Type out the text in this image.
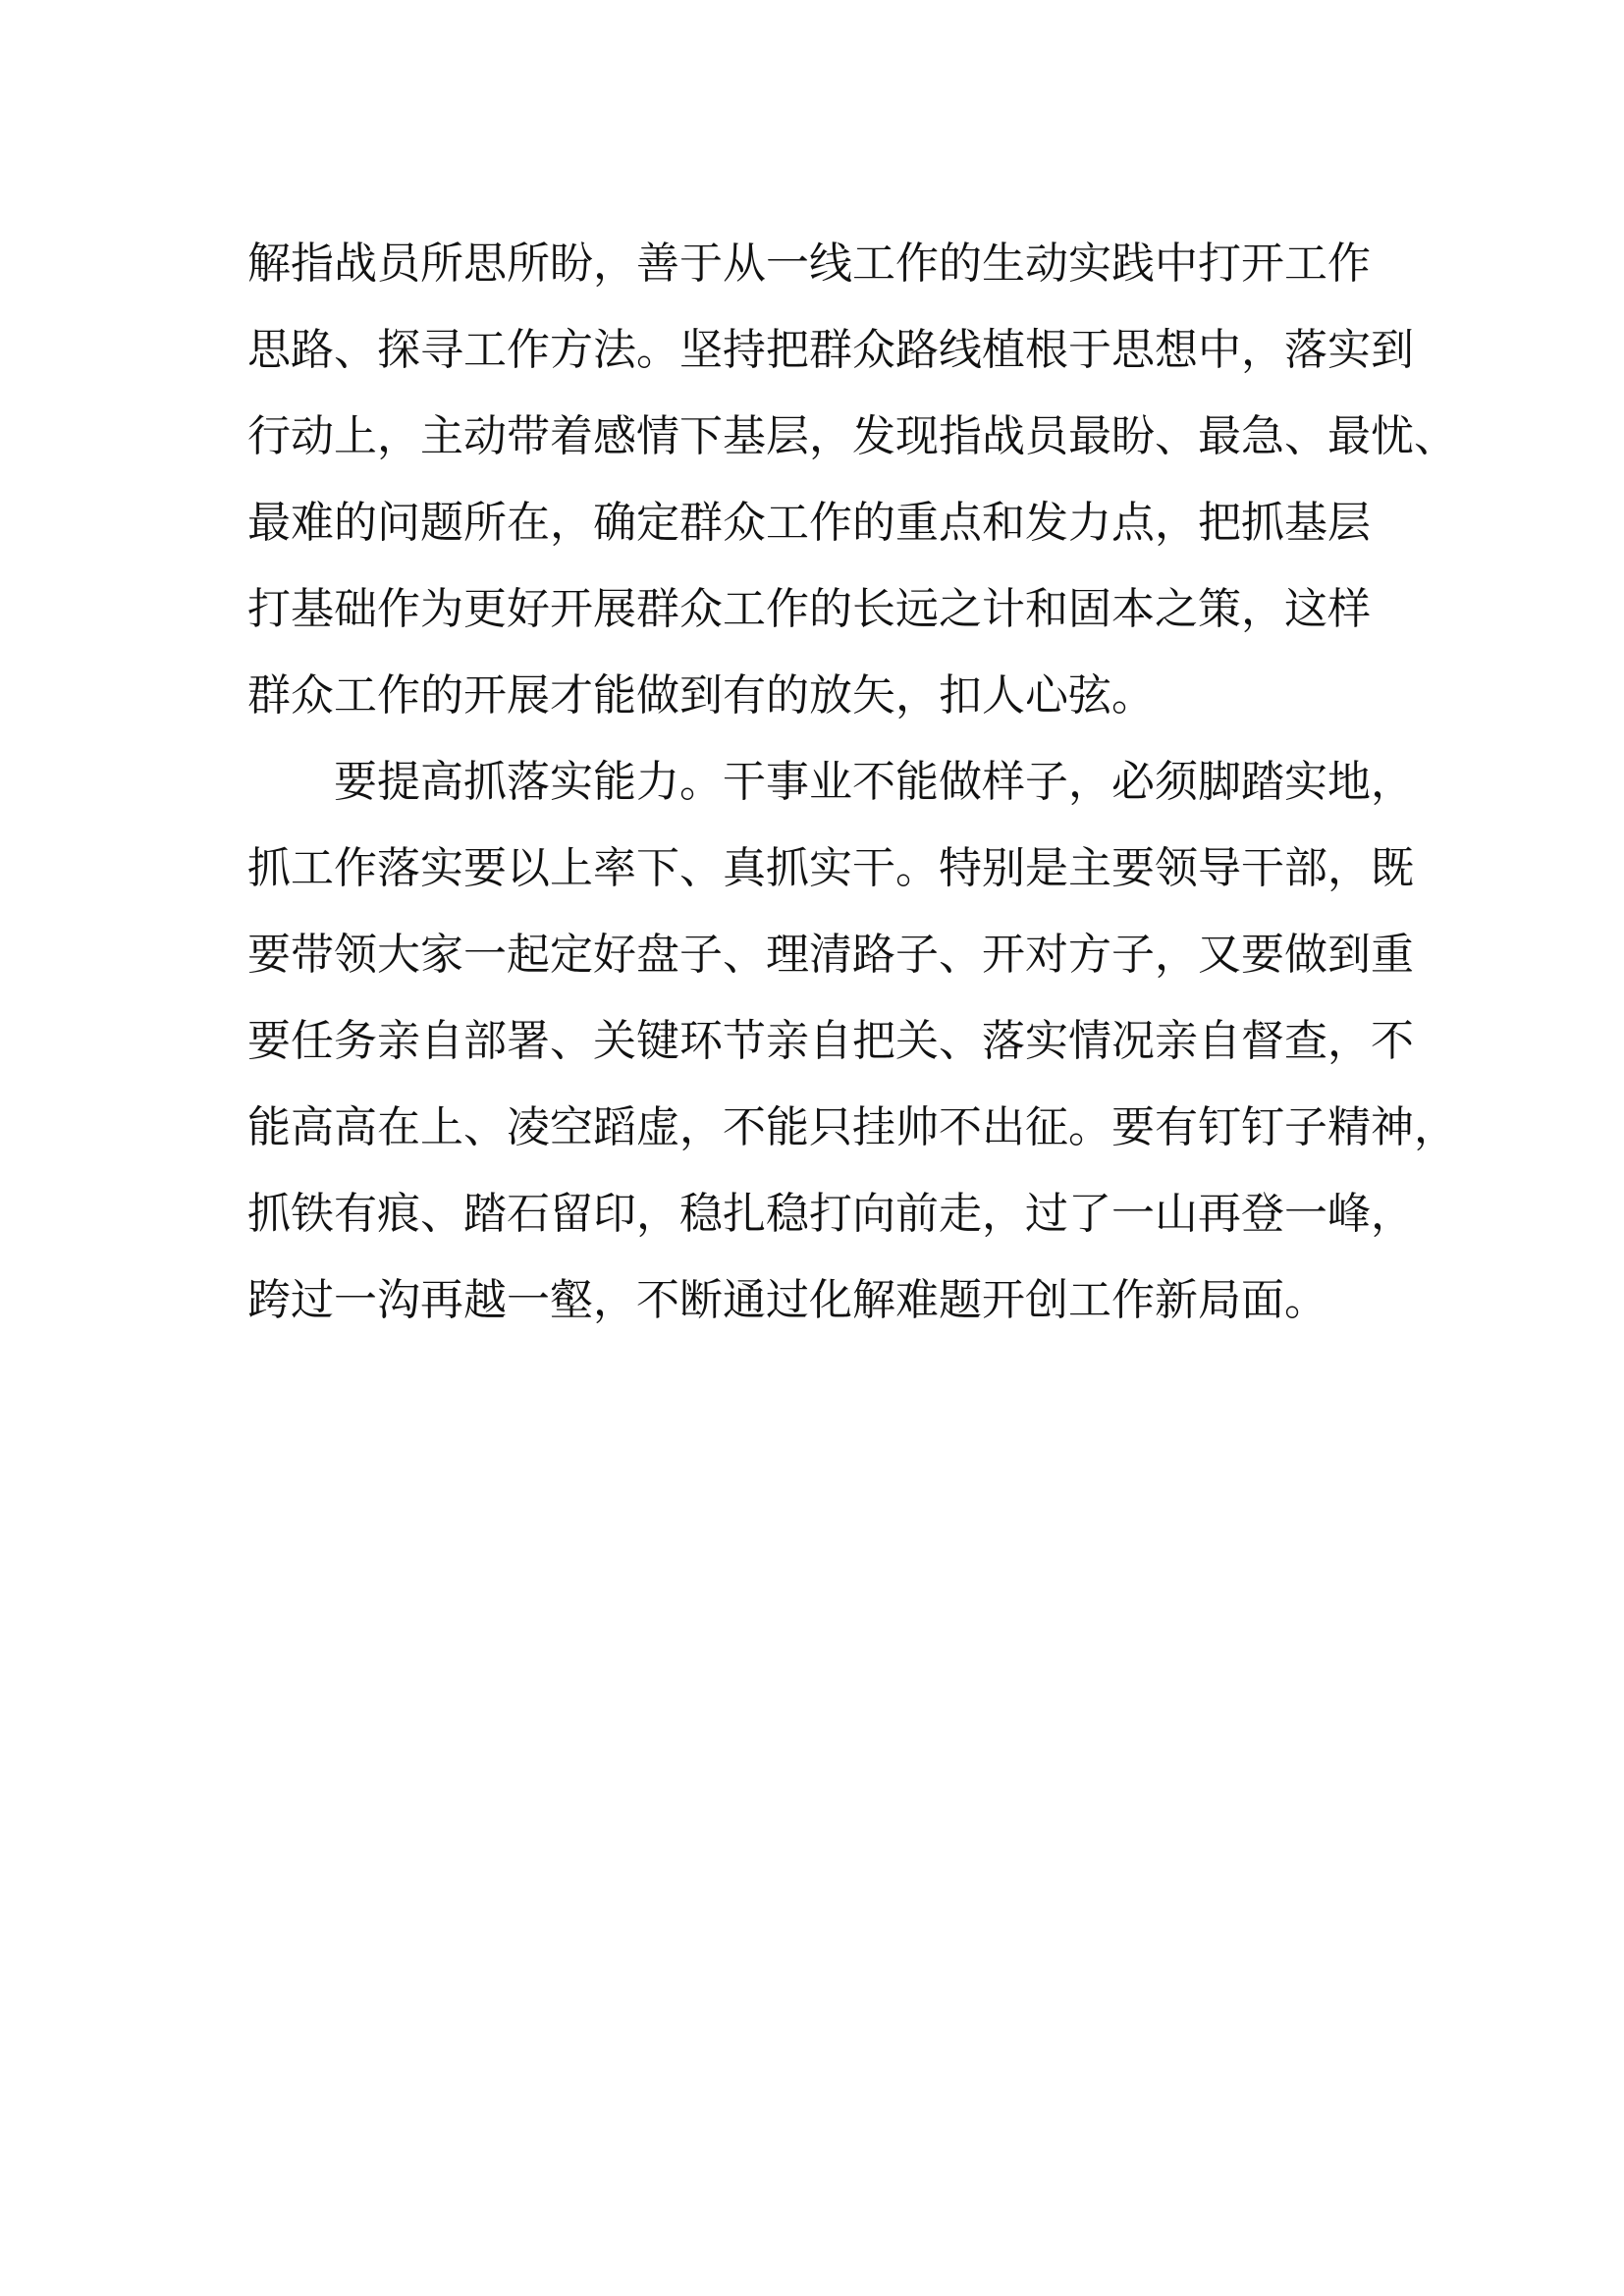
解指战员所思所盼，善于从一线工作的生动实践中打开工作
思路、探寻工作方法。坚持把群众路线植根于思想中，落实到
行动上，主动带着感情下基层，发现指战员最盼、最急、最忧、
最难的问题所在，确定群众工作的重点和发力点，把抓基层
打基础作为更好开展群众工作的长远之计和固本之策，这样
群众工作的开展才能做到有的放矢，扣人心弦。
要提高抓落实能力。干事业不能做样子，必须脚踏实地，
抓工作落实要以上率下、真抓实干。特别是主要领导干部，既
要带领大家一起定好盘子、理清路子、开对方子，又要做到重
要任务亲自部署、关键环节亲自把关、落实情况亲自督查，不
能高高在上、凌空蹈虚，不能只挂帅不出征。要有钉钉子精神，
抓铁有痕、踏石留印，稳扎稳打向前走，过了一山再登一峰，
跨过一沟再越一壑，不断通过化解难题开创工作新局面。
